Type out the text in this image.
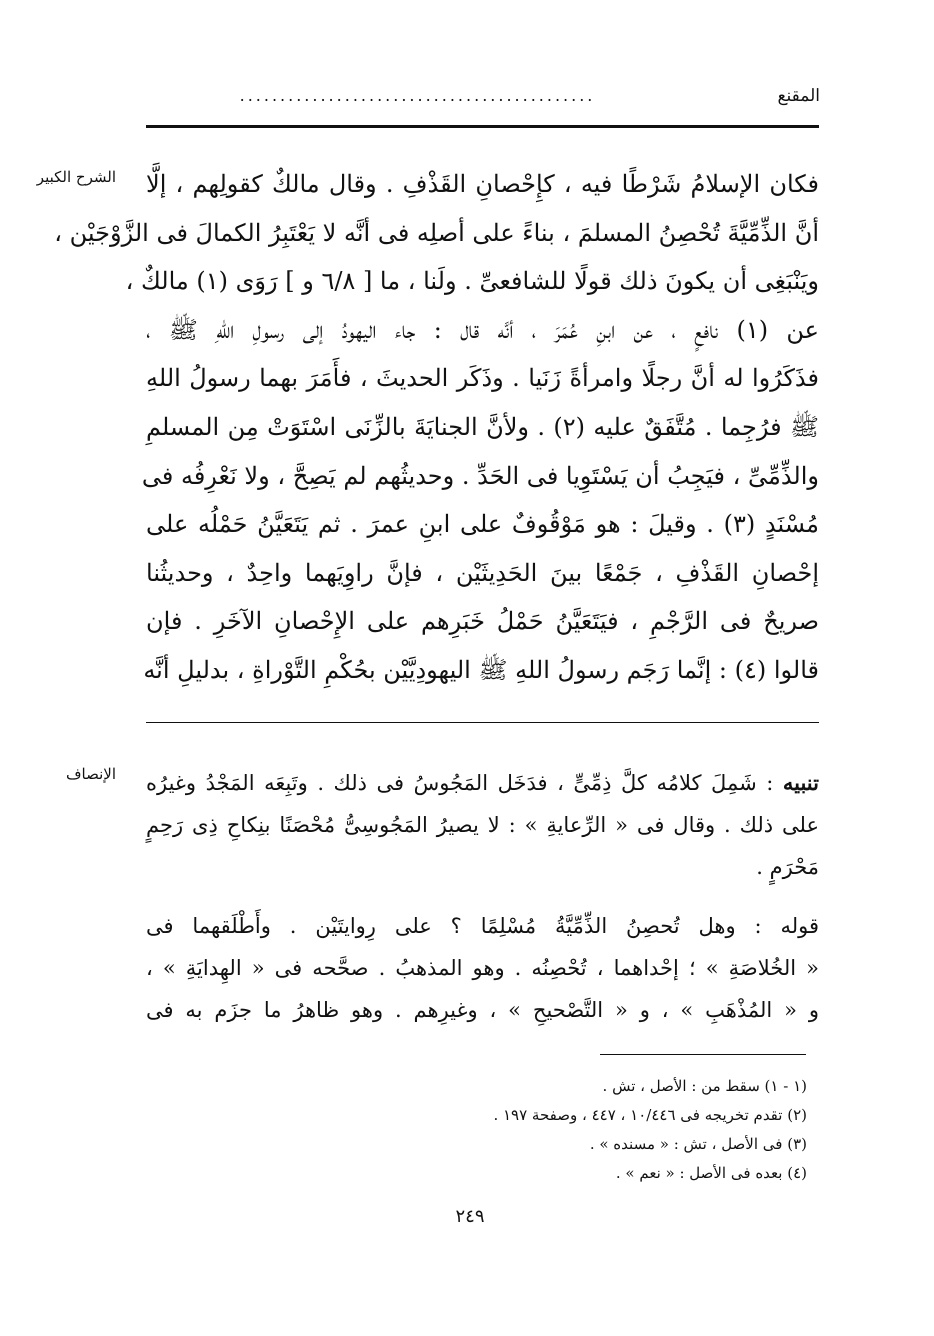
المقنع
............................................
الشرح الكبير فكان الإسلامُ شَرْطًا فيه ، كإِحْصانِ القَذْفِ . وقال مالكٌ كقولِهم ، إلَّا
أنَّ الذِّمِّيَّةَ تُحْصِنُ المسلمَ ، بناءً على أصلِه فى أنَّه لا يَعْتَبِرُ الكمالَ فى الزَّوْجَيْن ،
ويَنْبَغِى أن يكونَ ذلك قولًا للشافعىِّ . ولَنا ، ما [ ٦/٨ و ] رَوَى (١) مالكٌ ،
عن (١) نافعٍ ، عن ابنِ عُمَرَ ، أنَّه قال : جاء اليهودُ إلى رسولِ اللهِ ﷺ ،
فذَكَرُوا له أنَّ رجلًا وامرأةً زَنَيا . وذَكَر الحديثَ ، فأَمَرَ بهما رسولُ اللهِ
ﷺ فرُجِما . مُتَّفَقٌ عليه (٢) . ولأنَّ الجنايَةَ بالزِّنَى اسْتَوَتْ مِن المسلمِ
والذِّمِّىِّ ، فيَجِبُ أن يَسْتَوِيا فى الحَدِّ . وحديثُهم لم يَصِحَّ ، ولا نَعْرِفُه فى
مُسْنَدٍ (٣) . وقيلَ : هو مَوْقُوفٌ على ابنِ عمرَ . ثم يَتَعَيَّنُ حَمْلُه على
إحْصانِ القَذْفِ ، جَمْعًا بينَ الحَدِيثَيْن ، فإنَّ راوِيَهما واحِدٌ ، وحديثُنا
صريحٌ فى الرَّجْمِ ، فيَتَعَيَّنُ حَمْلُ خَبَرِهم على الإِحْصانِ الآخَرِ . فإن
قالوا (٤) : إنَّما رَجَم رسولُ اللهِ ﷺ اليهودِيَّيْن بحُكْمِ التَّوْراةِ ، بدليلِ أنَّه
الإنصاف	تنبيه : شَمِلَ كلامُه كلَّ ذِمِّىٍّ ، فدَخَل المَجُوسُ فى ذلك . وتَبِعَه المَجْدُ وغيرُه
على ذلك . وقال فى « الرِّعايةِ » : لا يصيرُ المَجُوسِىُّ مُحْصَنًا بنِكاحِ ذِى رَحِمٍ
مَحْرَمٍ .
قوله : وهل تُحصِنُ الذِّمِّيَّةُ مُسْلِمًا ؟ على رِوايتَيْن . وأَطْلَقهما فى
« الخُلاصَةِ » ؛ إحْداهما ، تُحْصِنُه . وهو المذهبُ . صحَّحه فى « الهِدايَةِ » ،
و « المُذْهَبِ » ، و « التَّصْحيحِ » ، وغيرِهم . وهو ظاهرُ ما جزَم به فى
(١ - ١) سقط من : الأصل ، تش .
(٢) تقدم تخريجه فى ١٠/٤٤٦ ، ٤٤٧ ، وصفحة ١٩٧ .
(٣) فى الأصل ، تش : « مسنده » .
(٤) بعده فى الأصل : « نعم » .
٢٤٩
